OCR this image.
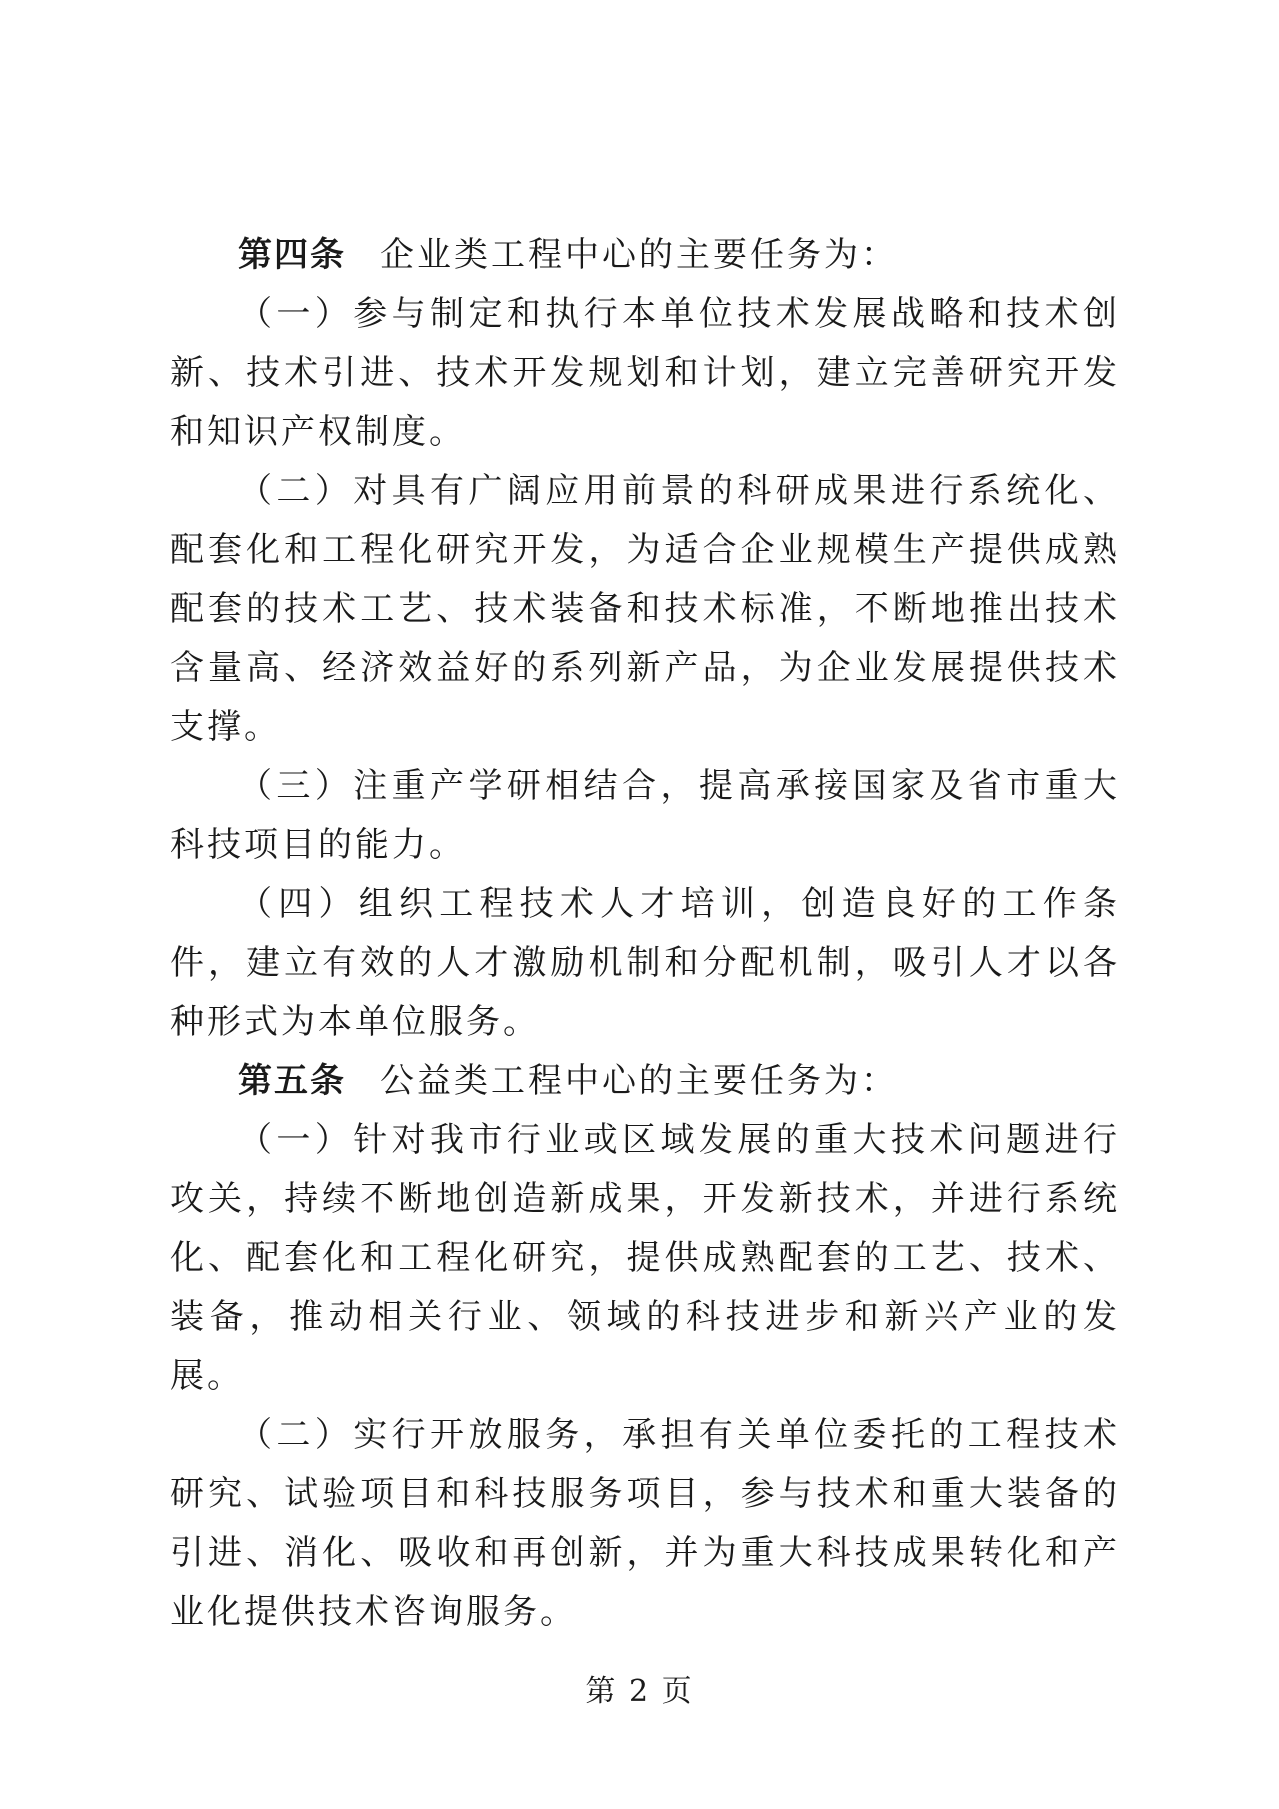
第四条 企业类工程中心的主要任务为：

（一）参与制定和执行本单位技术发展战略和技术创新、技术引进、技术开发规划和计划，建立完善研究开发和知识产权制度。

（二）对具有广阔应用前景的科研成果进行系统化、配套化和工程化研究开发，为适合企业规模生产提供成熟配套的技术工艺、技术装备和技术标准，不断地推出技术含量高、经济效益好的系列新产品，为企业发展提供技术支撑。

（三）注重产学研相结合，提高承接国家及省市重大科技项目的能力。

（四）组织工程技术人才培训，创造良好的工作条件，建立有效的人才激励机制和分配机制，吸引人才以各种形式为本单位服务。

第五条 公益类工程中心的主要任务为：

（一）针对我市行业或区域发展的重大技术问题进行攻关，持续不断地创造新成果，开发新技术，并进行系统化、配套化和工程化研究，提供成熟配套的工艺、技术、装备，推动相关行业、领域的科技进步和新兴产业的发展。

（二）实行开放服务，承担有关单位委托的工程技术研究、试验项目和科技服务项目，参与技术和重大装备的引进、消化、吸收和再创新，并为重大科技成果转化和产业化提供技术咨询服务。

第 2 页
